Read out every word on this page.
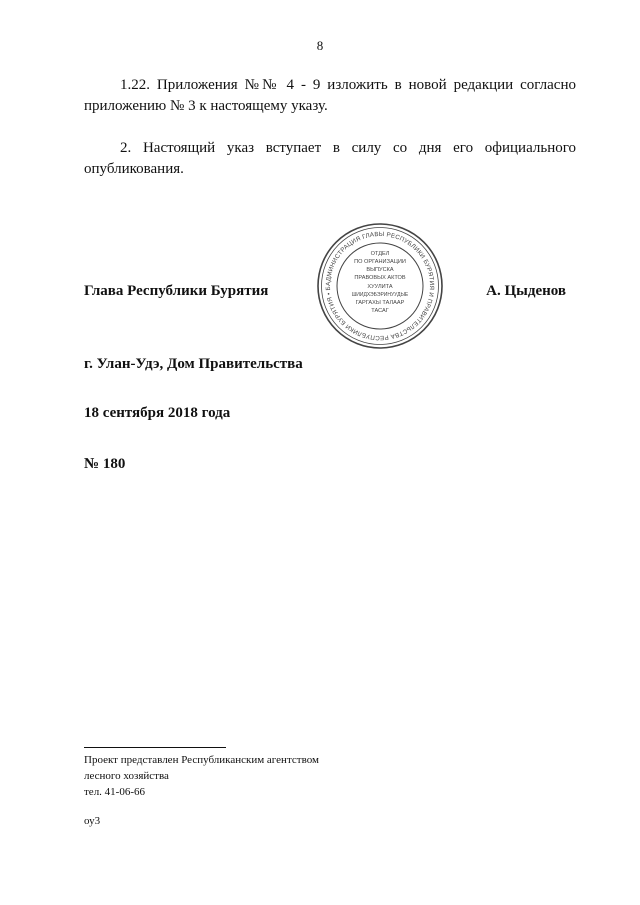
8

1.22. Приложения №№ 4 - 9 изложить в новой редакции согласно приложению № 3 к настоящему указу.

2. Настоящий указ вступает в силу со дня его официального опубликования.

Глава Республики Бурятия	А. Цыденов
АДМИНИСТРАЦИЯ ГЛАВЫ РЕСПУБЛИКИ БУРЯТИЯ И ПРАВИТЕЛЬСТВА РЕСПУБЛИКИ БУРЯТИЯ • Б
ОТДЕЛ
ПО ОРГАНИЗАЦИИ
ВЫПУСКА
ПРАВОВЫХ АКТОВ
ХУУЛИТА
ШИИДХЭБЭРИНУУДЫЕ
ГАРГАХЫ ТАЛААР
ТАСАГ
г. Улан-Удэ, Дом Правительства
18 сентября 2018 года
№ 180
Проект представлен Республиканским агентством
лесного хозяйства
тел. 41-06-66
оу3
